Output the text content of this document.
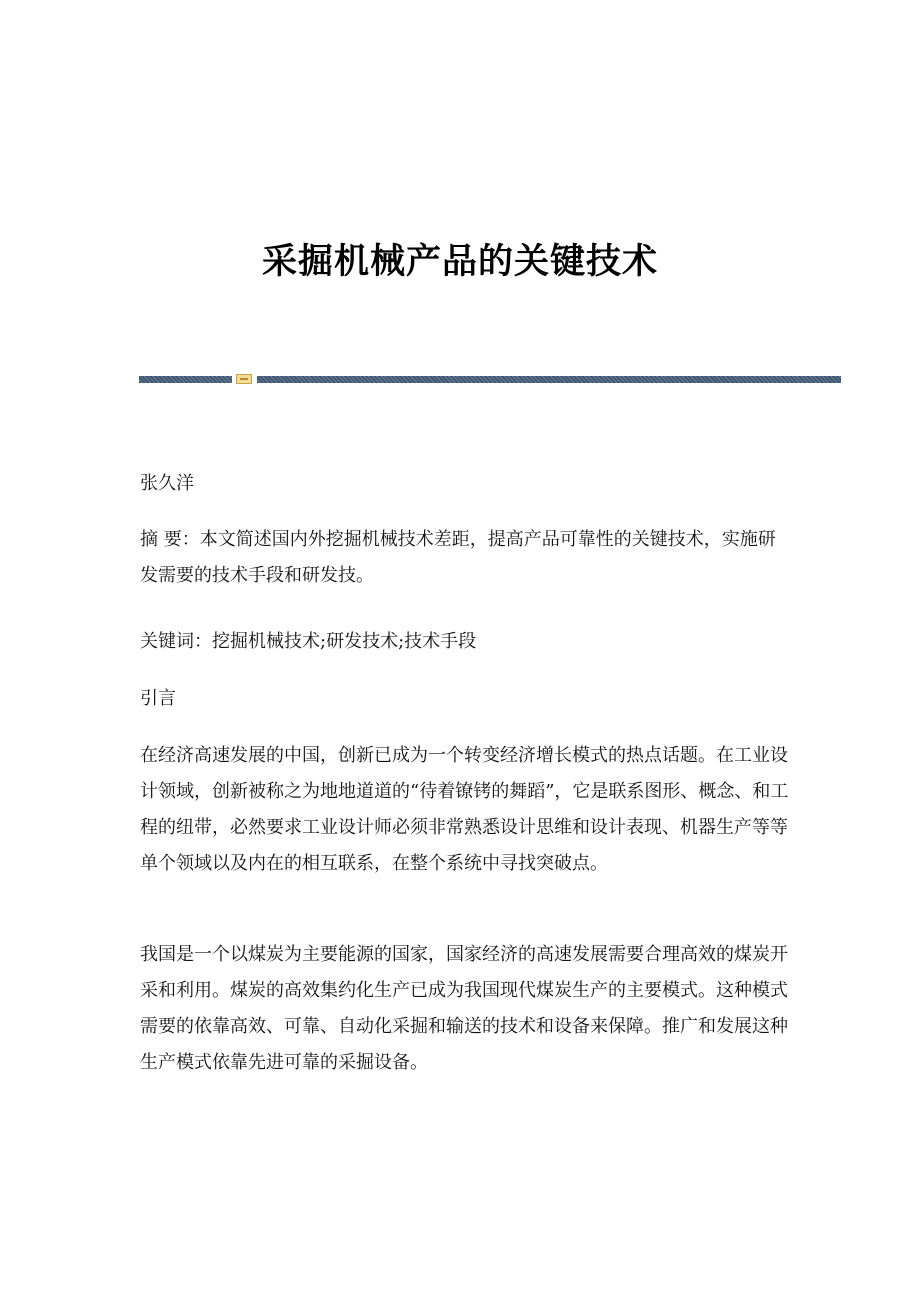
采掘机械产品的关键技术

张久洋

摘 要：本文简述国内外挖掘机械技术差距，提高产品可靠性的关键技术，实施研发需要的技术手段和研发技。

关键词：挖掘机械技术;研发技术;技术手段

引言

在经济高速发展的中国，创新已成为一个转变经济增长模式的热点话题。在工业设计领域，创新被称之为地地道道的“待着镣铐的舞蹈”，它是联系图形、概念、和工程的纽带，必然要求工业设计师必须非常熟悉设计思维和设计表现、机器生产等等单个领域以及内在的相互联系，在整个系统中寻找突破点。

我国是一个以煤炭为主要能源的国家，国家经济的高速发展需要合理高效的煤炭开采和利用。煤炭的高效集约化生产已成为我国现代煤炭生产的主要模式。这种模式需要的依靠高效、可靠、自动化采掘和输送的技术和设备来保障。推广和发展这种生产模式依靠先进可靠的采掘设备。
